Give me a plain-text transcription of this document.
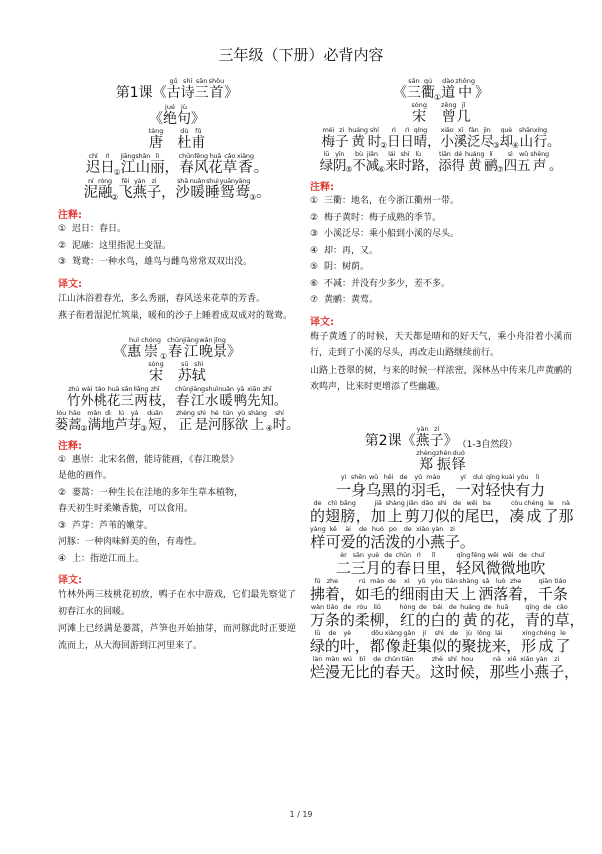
三年级（下册）必背内容
第1课 《 古gǔ
诗shī
三sān
首shǒu
》
《 绝jué
句jù
》
唐táng

杜dù
甫fǔ
迟chí
日rì
① 江jiāng
山shān
丽lì
， 春chūn
风fēng
花huā
草cǎo
香xiāng
。
泥ní
融róng
② 飞fēi
燕yàn
子zi
， 沙shā
暖nuǎn
睡shuì
鸳yuān
鸯yāng
③ 。
注释:
① 迟日：春日。
② 泥融：这里指泥土变湿。
③ 鸳鸯：一种水鸟，雄鸟与雌鸟常常双双出没。
译文:
江山沐浴着春光，多么秀丽，春风送来花草的芳香。
燕子衔着湿泥忙筑巢，暖和的沙子上睡着成双成对的鸳鸯。
《 惠huì
崇chóng
① 春chūn
江jiāng
晚wǎn
景jǐng
》
宋sòng

苏sū
轼shì
竹zhú
外wài
桃táo
花huā
三sān
两liǎng
枝zhī
， 春chūn
江jiāng
水shuǐ
暖nuǎn
鸭yā
先xiān
知zhī
。
蒌lóu
蒿hāo
② 满mǎn
地dì
芦lú
芽yá
③ 短duǎn
， 正zhèng
是shì
河hé
豚tún
欲yù
上shàng
④ 时shí
。
注释:
① 惠崇：北宋名僧，能诗能画，《春江晚景》
是他的画作。
② 蒌蒿：一种生长在洼地的多年生草本植物，
春天初生时柔嫩香脆，可以食用。
③ 芦芽：芦苇的嫩芽。
河豚：一种肉味鲜美的鱼，有毒性。
④ 上：指逆江而上。
译文:
竹林外两三枝桃花初放，鸭子在水中游戏，它们最先察觉了初春江水的回暖。
河滩上已经满是蒌蒿，芦笋也开始抽芽，而河豚此时正要逆流而上，从大海回游到江河里来了。
《 三sān
衢qú
① 道dào
中zhōng
》
宋sòng

曾zēng
几jǐ
梅méi
子zi
黄huáng
时shí
② 日rì
日rì
晴qíng
， 小xiǎo
溪xī
泛fàn
尽jìn
③ 却què
④ 山shān
行xíng
。
绿lǜ
阴yīn
⑤ 不bù
减jiǎn
⑥ 来lái
时shí
路lù
， 添tiān
得dé
黄huáng
鹂lí
⑦ 四sì
五wǔ
声shēng
。
注释:
① 三衢：地名，在今浙江衢州一带。
② 梅子黄时：梅子成熟的季节。
③ 小溪泛尽：乘小船到小溪的尽头。
④ 却：再，又。
⑤ 阴：树荫。
⑥ 不减：并没有少多少，差不多。
⑦ 黄鹂：黄莺。
译文:
梅子黄透了的时候，天天都是晴和的好天气，乘小舟沿着小溪而行，走到了小溪的尽头，再改走山路继续前行。
山路上苍翠的树，与来的时候一样浓密，深林丛中传来几声黄鹂的欢鸣声，比来时更增添了些幽趣。
第2课 《 燕yàn
子zi
》 （1-3自然段）
郑zhèng
振zhèn
铎duó
一yì
身shēn
乌wū
黑hēi
的de
羽yǔ
毛máo
， 一yí
对duì
轻qīng
快kuài
有yǒu
力lì
的de
翅chì
膀bǎng
， 加jiā
上shàng
剪jiǎn
刀dāo
似shì
的de
尾wěi
巴ba
， 凑còu
成chéng
了le
那nà
样yàng
可kě
爱ài
的de
活huó
泼po
的de
小xiǎo
燕yàn
子zi
。
二èr
三sān
月yuè
的de
春chūn
日rì
里lǐ
， 轻qīng
风fēng
微wēi
微wēi
地de
吹chuī
拂fú
着zhe
， 如rú
毛máo
的de
细xì
雨yǔ
由yóu
天tiān
上shàng
洒sǎ
落luò
着zhe
， 千qiān
条tiáo
万wàn
条tiáo
的de
柔róu
柳liǔ
， 红hóng
的de
白bái
的de
黄huáng
的de
花huā
， 青qīng
的de
草cǎo
，
绿lǜ
的de
叶yè
， 都dōu
像xiàng
赶gǎn
集jí
似shì
的de
聚jù
拢lǒng
来lái
， 形xíng
成chéng
了le
烂làn
漫màn
无wú
比bǐ
的de
春chūn
天tiān
。 这zhè
时shí
候hou
， 那nà
些xiē
小xiǎo
燕yàn
子zi
，
1 / 19
